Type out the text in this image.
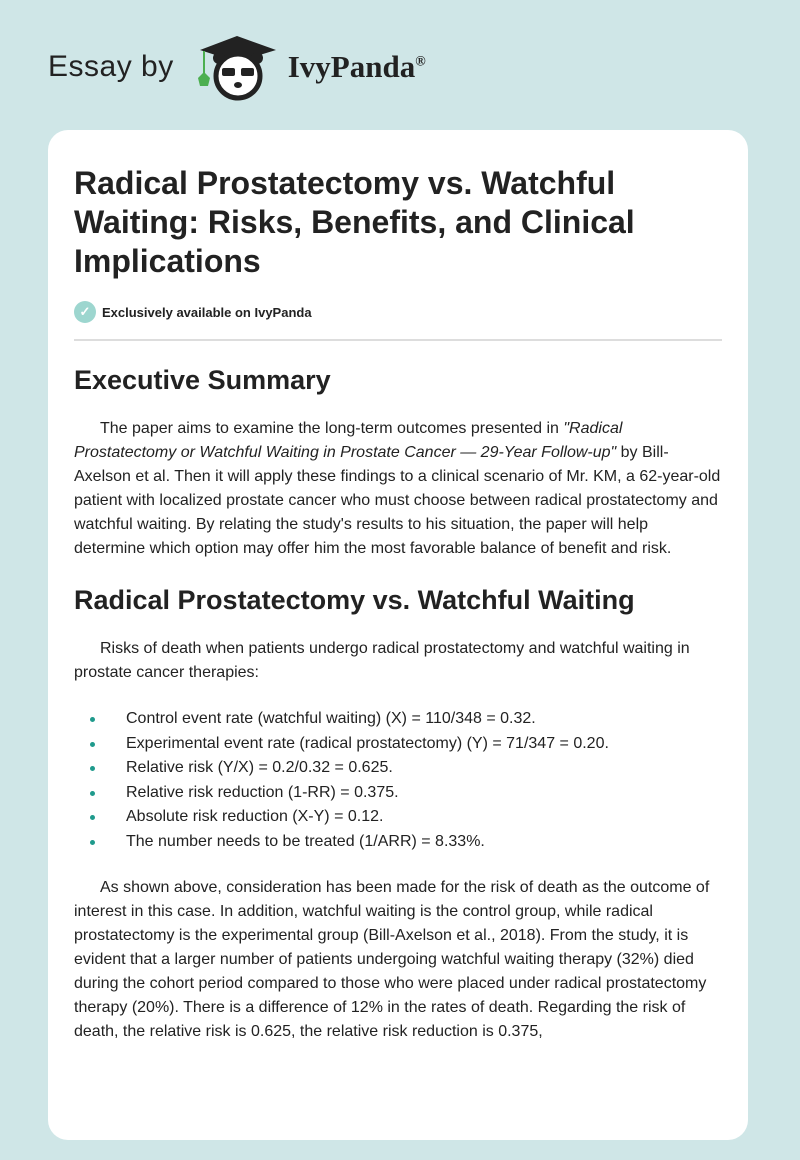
Essay by	IvyPanda®
Radical Prostatectomy vs. Watchful Waiting: Risks, Benefits, and Clinical Implications
✓ Exclusively available on IvyPanda
Executive Summary

The paper aims to examine the long-term outcomes presented in "Radical Prostatectomy or Watchful Waiting in Prostate Cancer — 29-Year Follow-up" by Bill-Axelson et al. Then it will apply these findings to a clinical scenario of Mr. KM, a 62-year-old patient with localized prostate cancer who must choose between radical prostatectomy and watchful waiting. By relating the study's results to his situation, the paper will help determine which option may offer him the most favorable balance of benefit and risk.

Radical Prostatectomy vs. Watchful Waiting

Risks of death when patients undergo radical prostatectomy and watchful waiting in prostate cancer therapies:

Control event rate (watchful waiting) (X) = 110/348 = 0.32.
Experimental event rate (radical prostatectomy) (Y) = 71/347 = 0.20.
Relative risk (Y/X) = 0.2/0.32 = 0.625.
Relative risk reduction (1-RR) = 0.375.
Absolute risk reduction (X-Y) = 0.12.
The number needs to be treated (1/ARR) = 8.33%.

As shown above, consideration has been made for the risk of death as the outcome of interest in this case. In addition, watchful waiting is the control group, while radical prostatectomy is the experimental group (Bill-Axelson et al., 2018). From the study, it is evident that a larger number of patients undergoing watchful waiting therapy (32%) died during the cohort period compared to those who were placed under radical prostatectomy therapy (20%). There is a difference of 12% in the rates of death. Regarding the risk of death, the relative risk is 0.625, the relative risk reduction is 0.375,
